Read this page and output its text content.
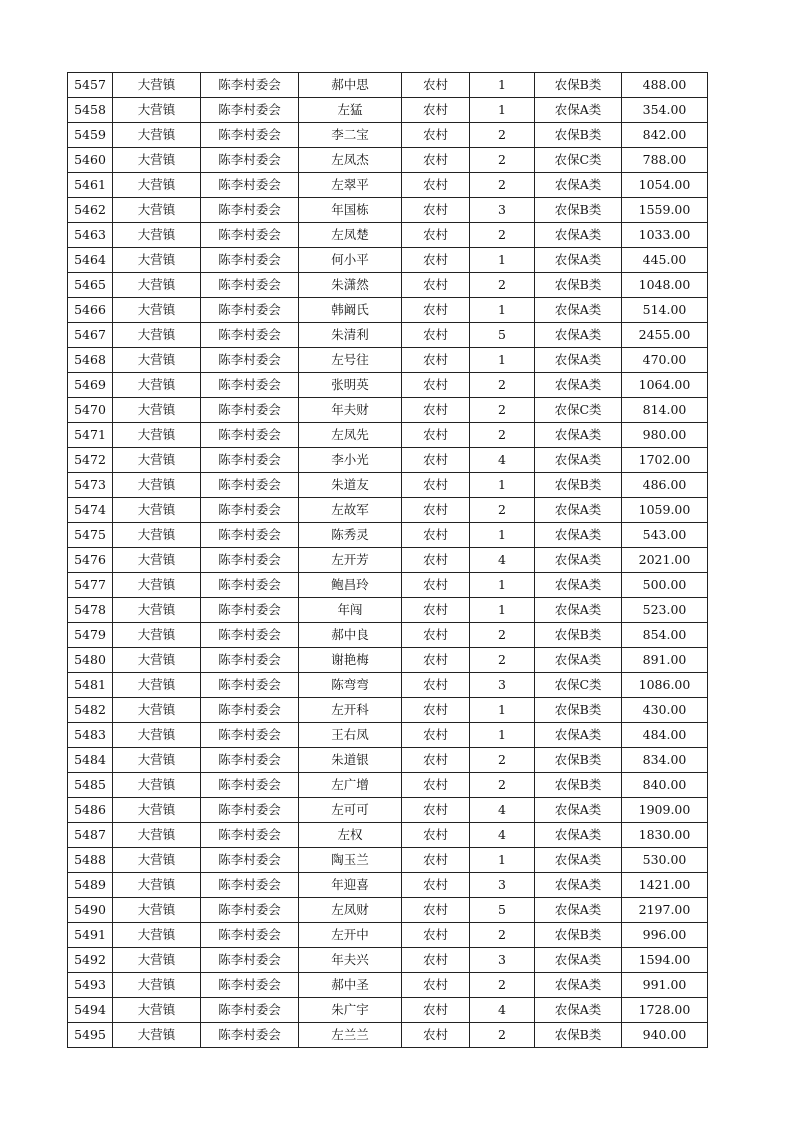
5457	大营镇	陈李村委会	郝中思	农村	1	农保B类	488.00
5458	大营镇	陈李村委会	左猛	农村	1	农保A类	354.00
5459	大营镇	陈李村委会	李二宝	农村	2	农保B类	842.00
5460	大营镇	陈李村委会	左凤杰	农村	2	农保C类	788.00
5461	大营镇	陈李村委会	左翠平	农村	2	农保A类	1054.00
5462	大营镇	陈李村委会	年国栋	农村	3	农保B类	1559.00
5463	大营镇	陈李村委会	左凤楚	农村	2	农保A类	1033.00
5464	大营镇	陈李村委会	何小平	农村	1	农保A类	445.00
5465	大营镇	陈李村委会	朱潇然	农村	2	农保B类	1048.00
5466	大营镇	陈李村委会	韩阚氏	农村	1	农保A类	514.00
5467	大营镇	陈李村委会	朱清利	农村	5	农保A类	2455.00
5468	大营镇	陈李村委会	左号往	农村	1	农保A类	470.00
5469	大营镇	陈李村委会	张明英	农村	2	农保A类	1064.00
5470	大营镇	陈李村委会	年夫财	农村	2	农保C类	814.00
5471	大营镇	陈李村委会	左凤先	农村	2	农保A类	980.00
5472	大营镇	陈李村委会	李小光	农村	4	农保A类	1702.00
5473	大营镇	陈李村委会	朱道友	农村	1	农保B类	486.00
5474	大营镇	陈李村委会	左故军	农村	2	农保A类	1059.00
5475	大营镇	陈李村委会	陈秀灵	农村	1	农保A类	543.00
5476	大营镇	陈李村委会	左开芳	农村	4	农保A类	2021.00
5477	大营镇	陈李村委会	鲍昌玲	农村	1	农保A类	500.00
5478	大营镇	陈李村委会	年闯	农村	1	农保A类	523.00
5479	大营镇	陈李村委会	郝中良	农村	2	农保B类	854.00
5480	大营镇	陈李村委会	谢艳梅	农村	2	农保A类	891.00
5481	大营镇	陈李村委会	陈弯弯	农村	3	农保C类	1086.00
5482	大营镇	陈李村委会	左开科	农村	1	农保B类	430.00
5483	大营镇	陈李村委会	王右凤	农村	1	农保A类	484.00
5484	大营镇	陈李村委会	朱道银	农村	2	农保B类	834.00
5485	大营镇	陈李村委会	左广增	农村	2	农保B类	840.00
5486	大营镇	陈李村委会	左可可	农村	4	农保A类	1909.00
5487	大营镇	陈李村委会	左权	农村	4	农保A类	1830.00
5488	大营镇	陈李村委会	陶玉兰	农村	1	农保A类	530.00
5489	大营镇	陈李村委会	年迎喜	农村	3	农保A类	1421.00
5490	大营镇	陈李村委会	左凤财	农村	5	农保A类	2197.00
5491	大营镇	陈李村委会	左开中	农村	2	农保B类	996.00
5492	大营镇	陈李村委会	年夫兴	农村	3	农保A类	1594.00
5493	大营镇	陈李村委会	郝中圣	农村	2	农保A类	991.00
5494	大营镇	陈李村委会	朱广宇	农村	4	农保A类	1728.00
5495	大营镇	陈李村委会	左兰兰	农村	2	农保B类	940.00
